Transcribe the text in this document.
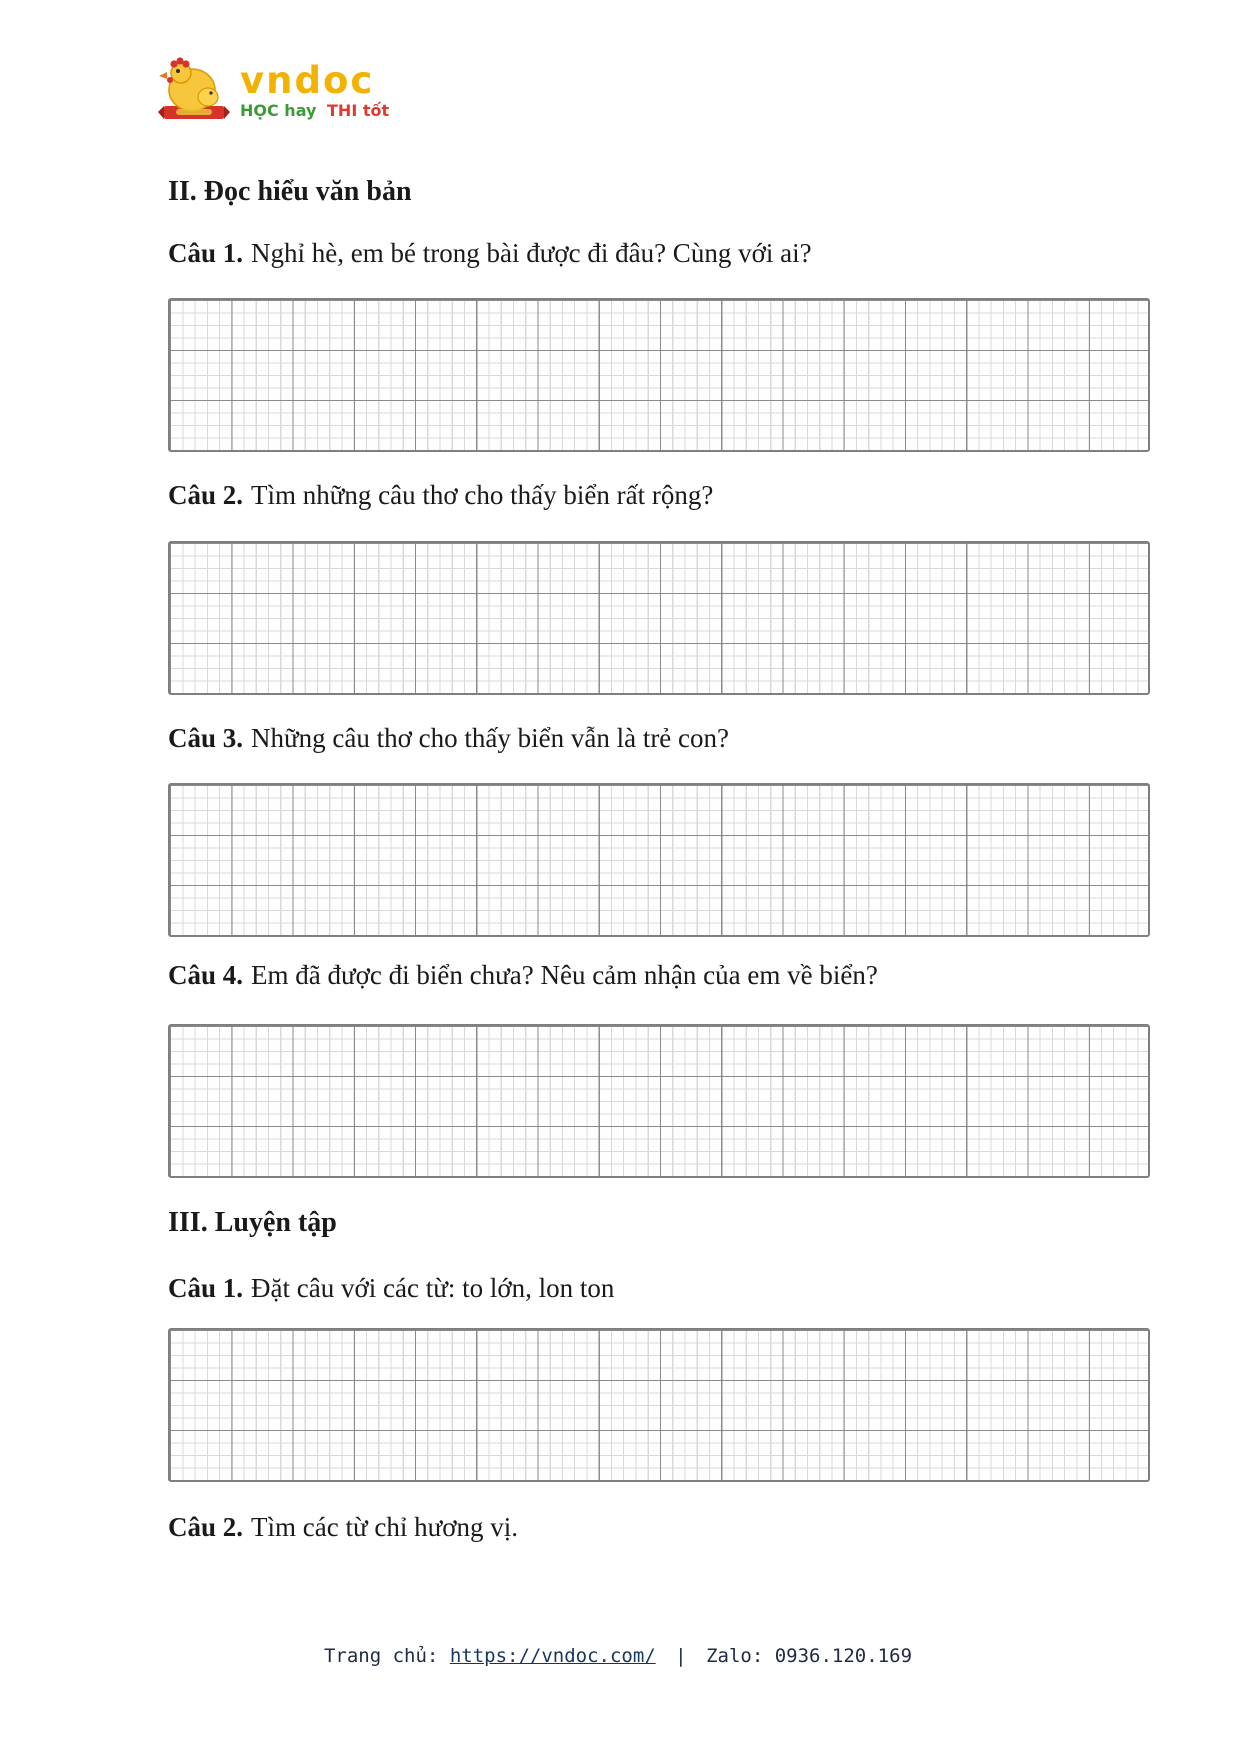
vndoc
HỌC hay THI tốt
II. Đọc hiểu văn bản

Câu 1. Nghỉ hè, em bé trong bài được đi đâu? Cùng với ai?

Câu 2. Tìm những câu thơ cho thấy biển rất rộng?

Câu 3. Những câu thơ cho thấy biển vẫn là trẻ con?

Câu 4. Em đã được đi biển chưa? Nêu cảm nhận của em về biển?

III. Luyện tập

Câu 1. Đặt câu với các từ: to lớn, lon ton

Câu 2. Tìm các từ chỉ hương vị.

Trang chủ: https://vndoc.com/ | Zalo: 0936.120.169
